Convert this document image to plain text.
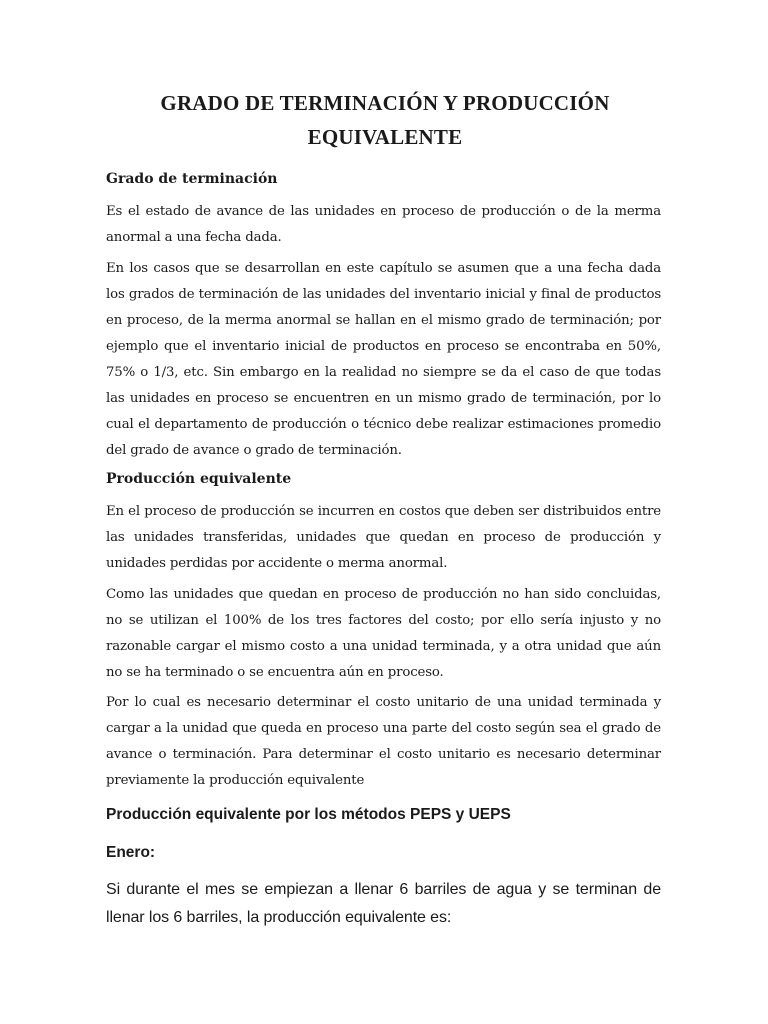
GRADO DE TERMINACIÓN Y PRODUCCIÓN EQUIVALENTE
Grado de terminación

Es el estado de avance de las unidades en proceso de producción o de la merma anormal a una fecha dada.

En los casos que se desarrollan en este capítulo se asumen que a una fecha dada los grados de terminación de las unidades del inventario inicial y final de productos en proceso, de la merma anormal se hallan en el mismo grado de terminación; por ejemplo que el inventario inicial de productos en proceso se encontraba en 50%, 75% o 1/3, etc. Sin embargo en la realidad no siempre se da el caso de que todas las unidades en proceso se encuentren en un mismo grado de terminación, por lo cual el departamento de producción o técnico debe realizar estimaciones promedio del grado de avance o grado de terminación.

Producción equivalente

En el proceso de producción se incurren en costos que deben ser distribuidos entre las unidades transferidas, unidades que quedan en proceso de producción y unidades perdidas por accidente o merma anormal.

Como las unidades que quedan en proceso de producción no han sido concluidas, no se utilizan el 100% de los tres factores del costo; por ello sería injusto y no razonable cargar el mismo costo a una unidad terminada, y a otra unidad que aún no se ha terminado o se encuentra aún en proceso.

Por lo cual es necesario determinar el costo unitario de una unidad terminada y cargar a la unidad que queda en proceso una parte del costo según sea el grado de avance o terminación. Para determinar el costo unitario es necesario determinar previamente la producción equivalente

Producción equivalente por los métodos PEPS y UEPS
Enero:

Si durante el mes se empiezan a llenar 6 barriles de agua y se terminan de llenar los 6 barriles, la producción equivalente es:
